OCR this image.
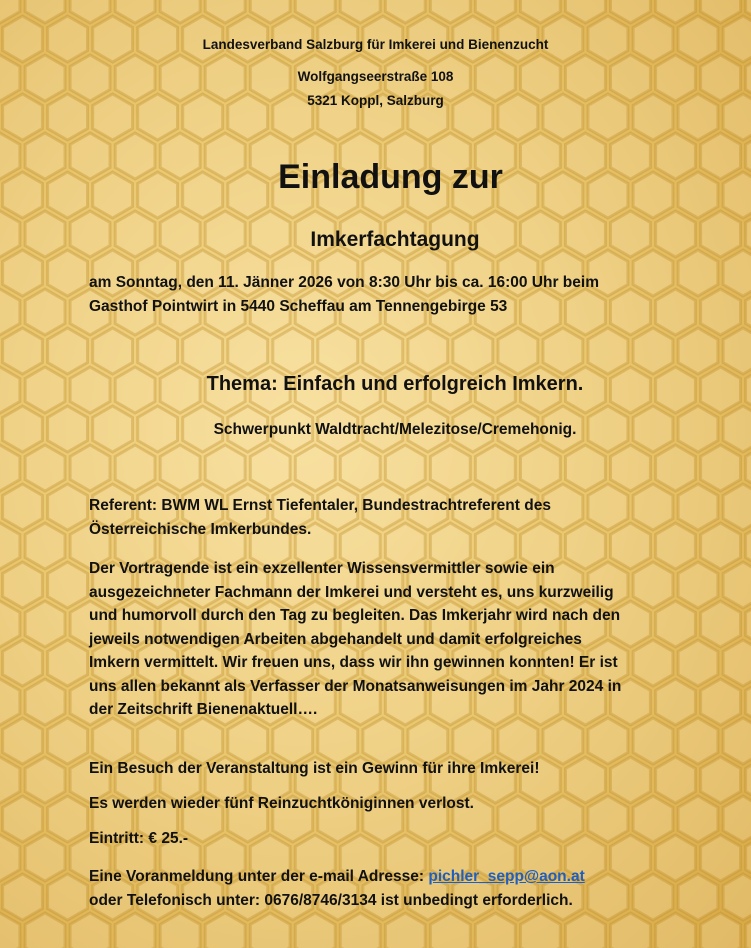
Landesverband Salzburg für Imkerei und Bienenzucht
Wolfgangseerstraße 108
5321 Koppl, Salzburg
Einladung zur
Imkerfachtagung
am Sonntag, den 11. Jänner 2026 von 8:30 Uhr bis ca. 16:00 Uhr beim
Gasthof Pointwirt in 5440 Scheffau am Tennengebirge 53
Thema: Einfach und erfolgreich Imkern.
Schwerpunkt Waldtracht/Melezitose/Cremehonig.
Referent: BWM WL Ernst Tiefentaler, Bundestrachtreferent des
Österreichische Imkerbundes.
Der Vortragende ist ein exzellenter Wissensvermittler sowie ein
ausgezeichneter Fachmann der Imkerei und versteht es, uns kurzweilig
und humorvoll durch den Tag zu begleiten. Das Imkerjahr wird nach den
jeweils notwendigen Arbeiten abgehandelt und damit erfolgreiches
Imkern vermittelt. Wir freuen uns, dass wir ihn gewinnen konnten! Er ist
uns allen bekannt als Verfasser der Monatsanweisungen im Jahr 2024 in
der Zeitschrift Bienenaktuell….
Ein Besuch der Veranstaltung ist ein Gewinn für ihre Imkerei!
Es werden wieder fünf Reinzuchtköniginnen verlost.
Eintritt: € 25.-
Eine Voranmeldung unter der e-mail Adresse: pichler_sepp@aon.at
oder Telefonisch unter: 0676/8746/3134 ist unbedingt erforderlich.
